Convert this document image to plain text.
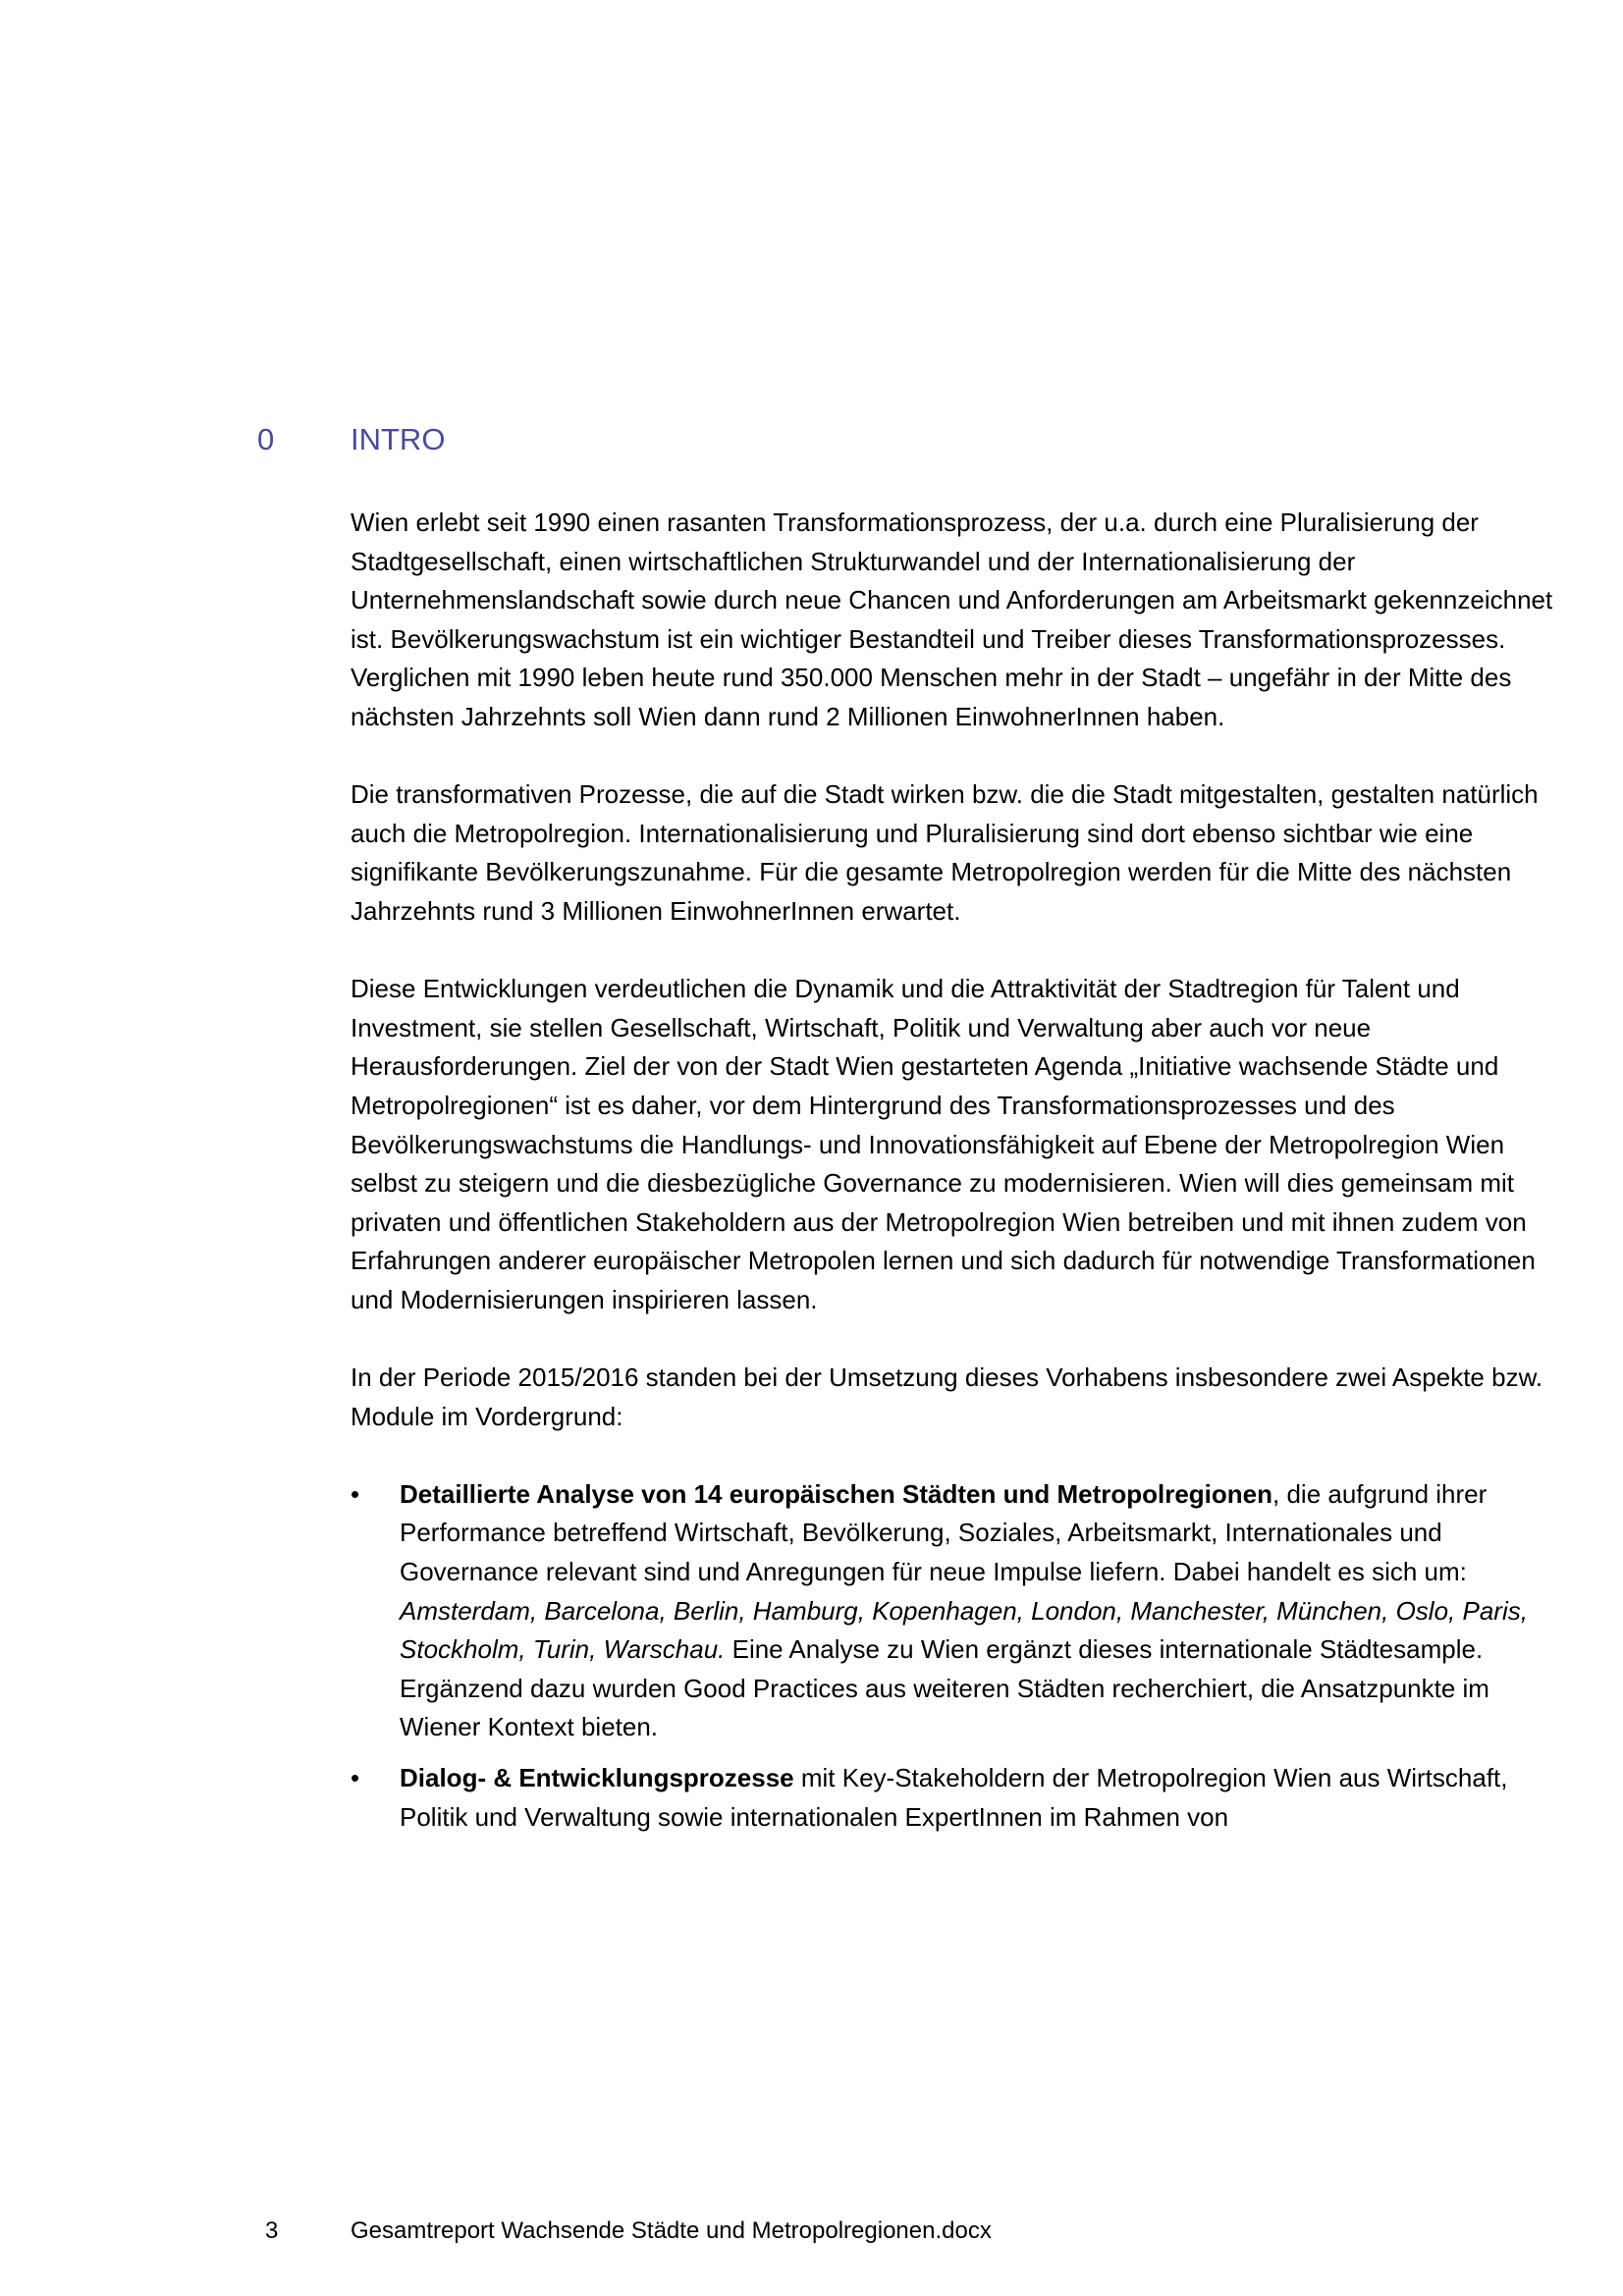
0	INTRO

Wien erlebt seit 1990 einen rasanten Transformationsprozess, der u.a. durch eine Pluralisierung der Stadtgesellschaft, einen wirtschaftlichen Strukturwandel und der Internationalisierung der Unternehmenslandschaft sowie durch neue Chancen und Anforderungen am Arbeitsmarkt gekennzeichnet ist. Bevölkerungswachstum ist ein wichtiger Bestandteil und Treiber dieses Transformationsprozesses. Verglichen mit 1990 leben heute rund 350.000 Menschen mehr in der Stadt – ungefähr in der Mitte des nächsten Jahrzehnts soll Wien dann rund 2 Millionen EinwohnerInnen haben.

Die transformativen Prozesse, die auf die Stadt wirken bzw. die die Stadt mitgestalten, gestalten natürlich auch die Metropolregion. Internationalisierung und Pluralisierung sind dort ebenso sichtbar wie eine signifikante Bevölkerungszunahme. Für die gesamte Metropolregion werden für die Mitte des nächsten Jahrzehnts rund 3 Millionen EinwohnerInnen erwartet.

Diese Entwicklungen verdeutlichen die Dynamik und die Attraktivität der Stadtregion für Talent und Investment, sie stellen Gesellschaft, Wirtschaft, Politik und Verwaltung aber auch vor neue Herausforderungen. Ziel der von der Stadt Wien gestarteten Agenda „Initiative wachsende Städte und Metropolregionen“ ist es daher, vor dem Hintergrund des Transformationsprozesses und des Bevölkerungswachstums die Handlungs- und Innovationsfähigkeit auf Ebene der Metropolregion Wien selbst zu steigern und die diesbezügliche Governance zu modernisieren. Wien will dies gemeinsam mit privaten und öffentlichen Stakeholdern aus der Metropolregion Wien betreiben und mit ihnen zudem von Erfahrungen anderer europäischer Metropolen lernen und sich dadurch für notwendige Transformationen und Modernisierungen inspirieren lassen.

In der Periode 2015/2016 standen bei der Umsetzung dieses Vorhabens insbesondere zwei Aspekte bzw. Module im Vordergrund:

• Detaillierte Analyse von 14 europäischen Städten und Metropolregionen, die aufgrund ihrer Performance betreffend Wirtschaft, Bevölkerung, Soziales, Arbeitsmarkt, Internationales und Governance relevant sind und Anregungen für neue Impulse liefern. Dabei handelt es sich um: Amsterdam, Barcelona, Berlin, Hamburg, Kopenhagen, London, Manchester, München, Oslo, Paris, Stockholm, Turin, Warschau. Eine Analyse zu Wien ergänzt dieses internationale Städtesample.
Ergänzend dazu wurden Good Practices aus weiteren Städten recherchiert, die Ansatzpunkte im Wiener Kontext bieten.
• Dialog- & Entwicklungsprozesse mit Key-Stakeholdern der Metropolregion Wien aus Wirtschaft, Politik und Verwaltung sowie internationalen ExpertInnen im Rahmen von
3	Gesamtreport Wachsende Städte und Metropolregionen.docx
